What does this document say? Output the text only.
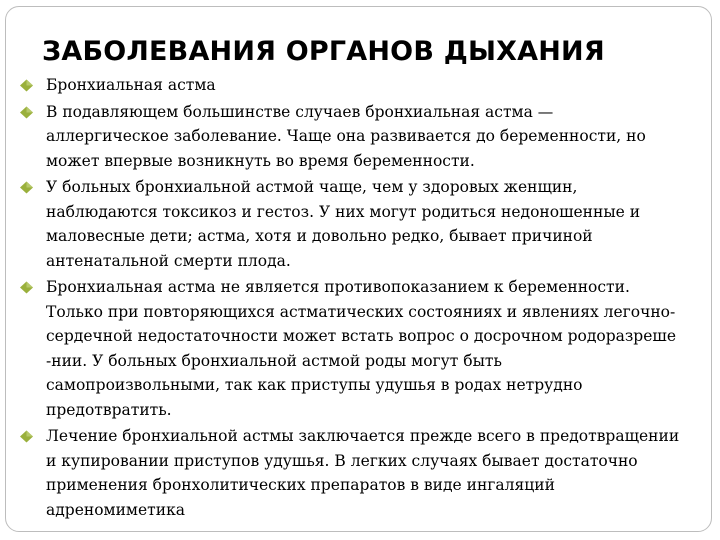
ЗАБОЛЕВАНИЯ ОРГАНОВ ДЫХАНИЯ
Бронхиальная астма
В подавляющем большинстве случаев бронхиальная астма —
аллергическое заболевание. Чаще она развивается до беременности, но
может впервые возникнуть во время беременности.
У больных бронхиальной астмой чаще, чем у здоровых женщин,
наблюдаются токсикоз и гестоз. У них могут родиться недоношенные и
маловесные дети; астма, хотя и довольно редко, бывает причиной
антенатальной смерти плода.
Бронхиальная астма не является противопоказанием к беременности.
Только при повторяющихся астматических состояниях и явлениях легочно-
сердечной недостаточности может встать вопрос о досрочном родоразреше
-нии. У больных бронхиальной астмой роды могут быть
самопроизвольными, так как приступы удушья в родах нетрудно
предотвратить.
Лечение бронхиальной астмы заключается прежде всего в предотвращении
и купировании приступов удушья. В легких случаях бывает достаточно
применения бронхолитических препаратов в виде ингаляций
адреномиметика
